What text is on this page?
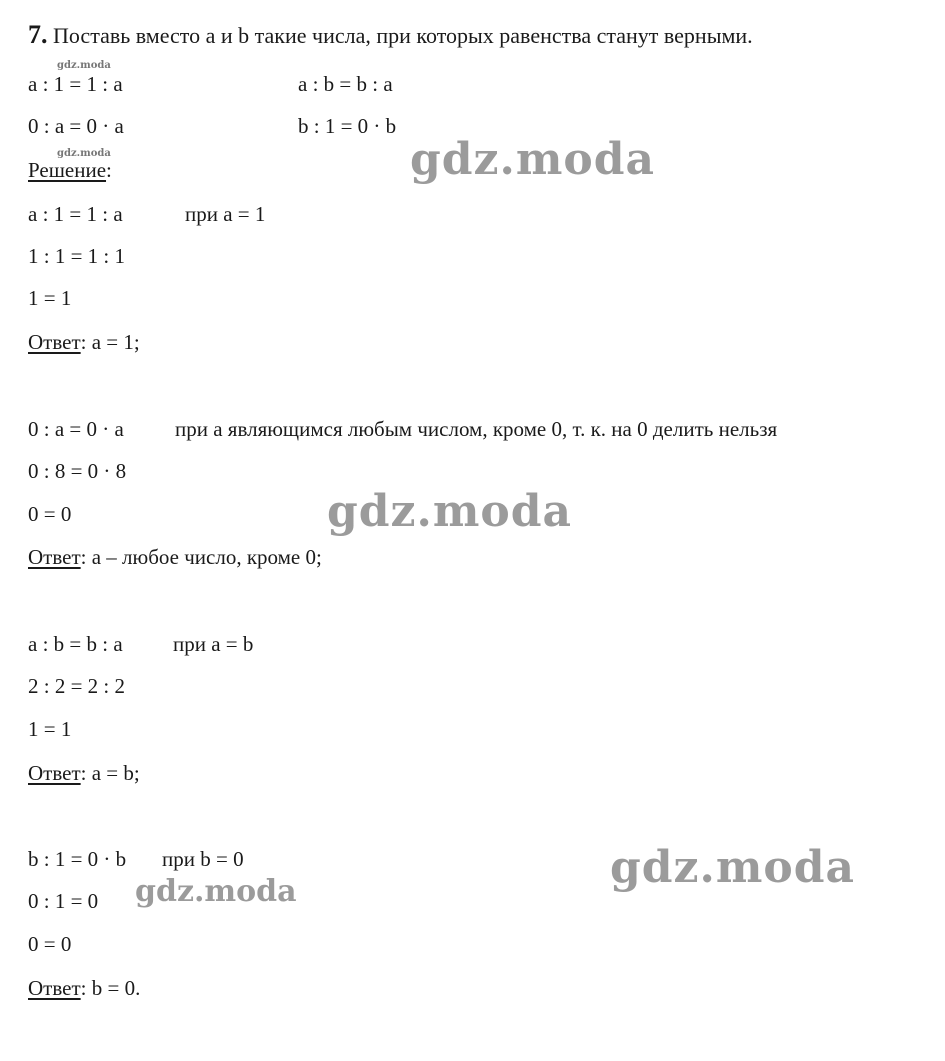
7. Поставь вместо a и b такие числа, при которых равенства станут верными.
gdz.moda
gdz.moda
a : 1 = 1 : a	a : b = b : a
0 : a = 0 · a	b : 1 = 0 · b
Решение:
a : 1 = 1 : a	при a = 1
1 : 1 = 1 : 1
1 = 1
Ответ: a = 1;
0 : a = 0 · a при a являющимся любым числом, кроме 0, т. к. на 0 делить нельзя
0 : 8 = 0 · 8
0 = 0
Ответ: a – любое число, кроме 0;
a : b = b : a при a = b
2 : 2 = 2 : 2
1 = 1
Ответ: a = b;
b : 1 = 0 · b при b = 0
0 : 1 = 0
0 = 0
Ответ: b = 0.
gdz.moda
gdz.moda
gdz.moda
gdz.moda
